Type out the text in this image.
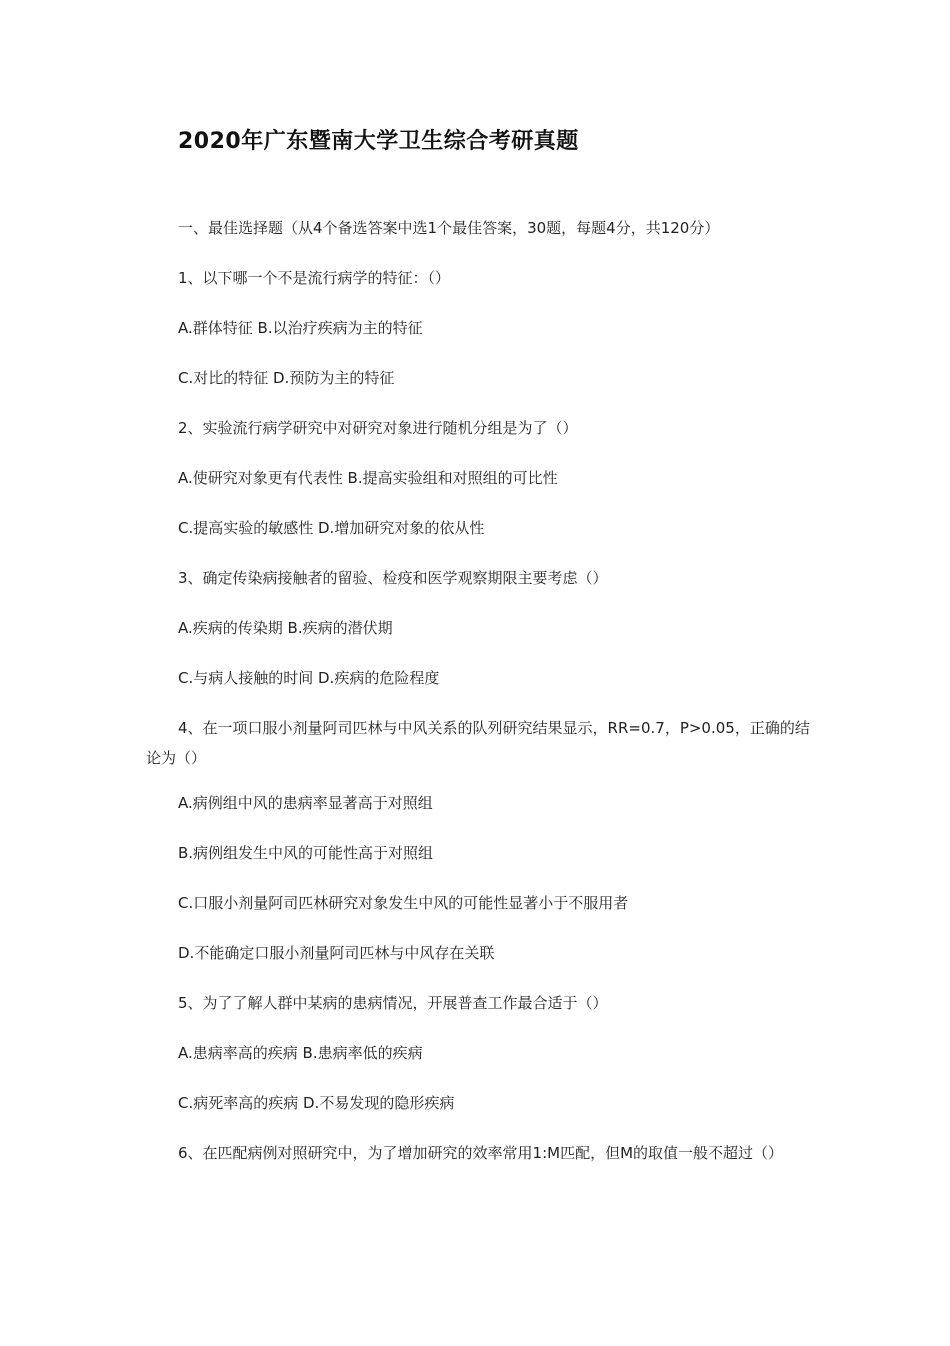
2020年广东暨南大学卫生综合考研真题
一、最佳选择题（从4个备选答案中选1个最佳答案，30题，每题4分，共120分）
1、以下哪一个不是流行病学的特征：（）
A.群体特征 B.以治疗疾病为主的特征
C.对比的特征 D.预防为主的特征
2、实验流行病学研究中对研究对象进行随机分组是为了（）
A.使研究对象更有代表性 B.提高实验组和对照组的可比性
C.提高实验的敏感性 D.增加研究对象的依从性
3、确定传染病接触者的留验、检疫和医学观察期限主要考虑（）
A.疾病的传染期 B.疾病的潜伏期
C.与病人接触的时间 D.疾病的危险程度
4、在一项口服小剂量阿司匹林与中风关系的队列研究结果显示，RR=0.7，P>0.05，正确的结论为（）
A.病例组中风的患病率显著高于对照组
B.病例组发生中风的可能性高于对照组
C.口服小剂量阿司匹林研究对象发生中风的可能性显著小于不服用者
D.不能确定口服小剂量阿司匹林与中风存在关联
5、为了了解人群中某病的患病情况，开展普查工作最合适于（）
A.患病率高的疾病 B.患病率低的疾病
C.病死率高的疾病 D.不易发现的隐形疾病
6、在匹配病例对照研究中，为了增加研究的效率常用1:M匹配，但M的取值一般不超过（）
